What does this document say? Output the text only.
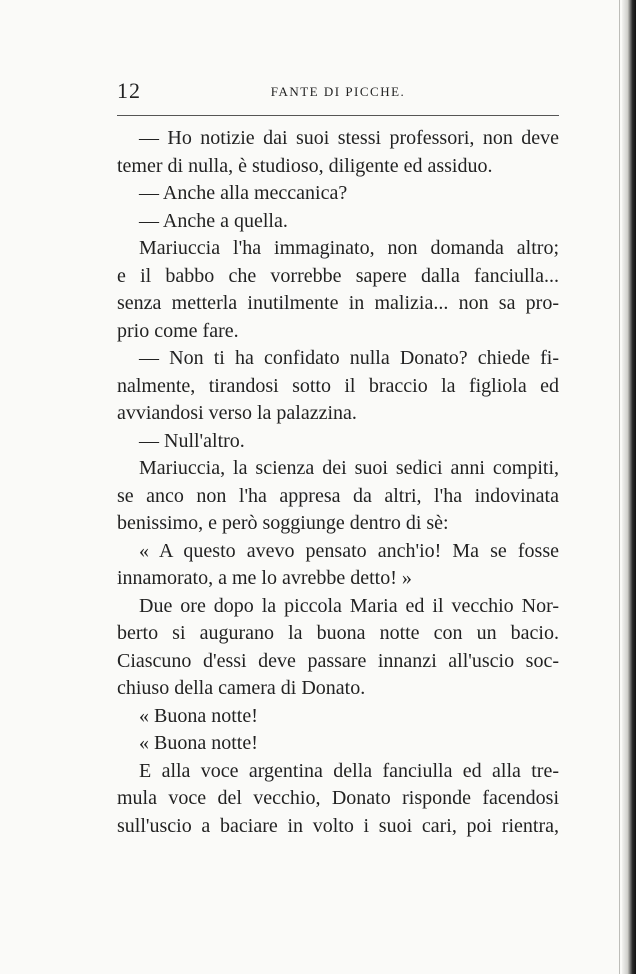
12	FANTE DI PICCHE.
— Ho notizie dai suoi stessi professori, non deve
temer di nulla, è studioso, diligente ed assiduo.
— Anche alla meccanica?
— Anche a quella.
Mariuccia l'ha immaginato, non domanda altro;
e il babbo che vorrebbe sapere dalla fanciulla...
senza metterla inutilmente in malizia... non sa pro-
prio come fare.
— Non ti ha confidato nulla Donato? chiede fi-
nalmente, tirandosi sotto il braccio la figliola ed
avviandosi verso la palazzina.
— Null'altro.
Mariuccia, la scienza dei suoi sedici anni compiti,
se anco non l'ha appresa da altri, l'ha indovinata
benissimo, e però soggiunge dentro di sè:
« A questo avevo pensato anch'io! Ma se fosse
innamorato, a me lo avrebbe detto! »
Due ore dopo la piccola Maria ed il vecchio Nor-
berto si augurano la buona notte con un bacio.
Ciascuno d'essi deve passare innanzi all'uscio soc-
chiuso della camera di Donato.
« Buona notte!
« Buona notte!
E alla voce argentina della fanciulla ed alla tre-
mula voce del vecchio, Donato risponde facendosi
sull'uscio a baciare in volto i suoi cari, poi rientra,
